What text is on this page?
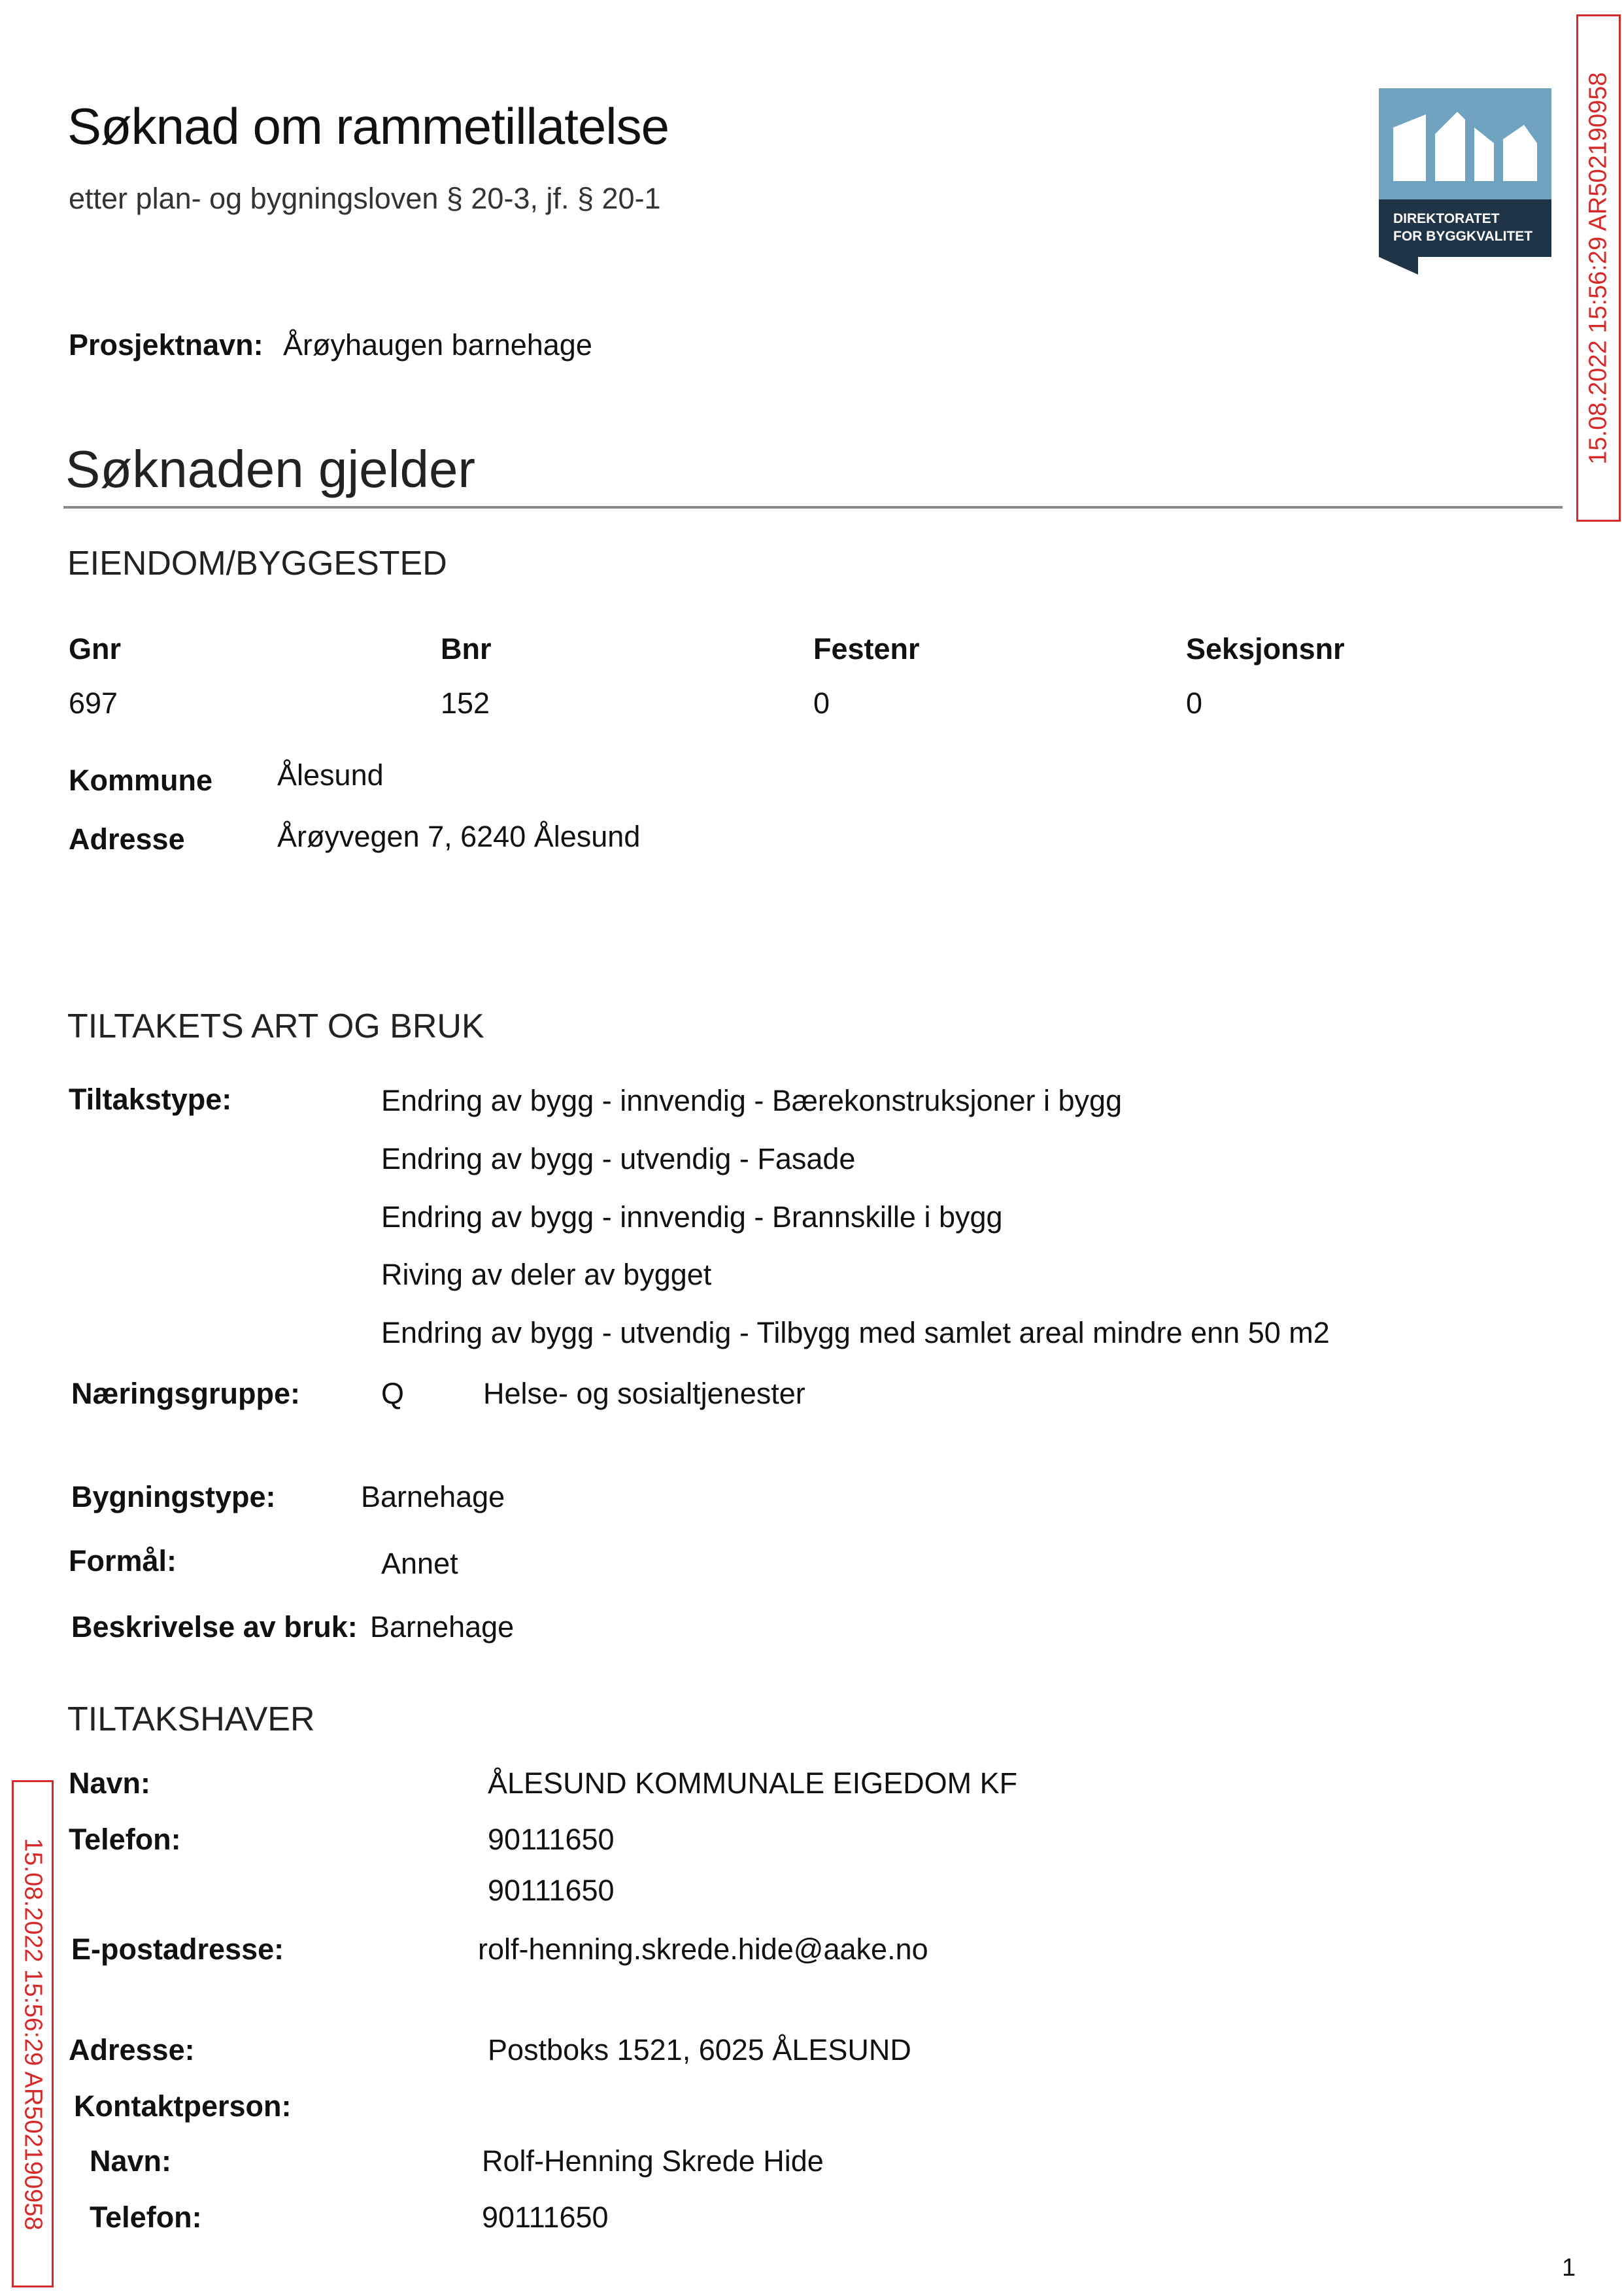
Søknad om rammetillatelse
etter plan- og bygningsloven § 20-3, jf. § 20-1
DIREKTORATET
FOR BYGGKVALITET 15.08.2022 15:56:29 AR502190958
15.08.2022 15:56:29 AR502190958
Prosjektnavn: Årøyhaugen barnehage
Søknaden gjelder
EIENDOM/BYGGESTED
Gnr	Bnr	Festenr	Seksjonsnr
697	152	0	0
Kommune Ålesund
Adresse	Årøyvegen 7, 6240 Ålesund
TILTAKETS ART OG BRUK
Tiltakstype:	Endring av bygg - innvendig - Bærekonstruksjoner i bygg
Endring av bygg - utvendig - Fasade
Endring av bygg - innvendig - Brannskille i bygg
Riving av deler av bygget
Endring av bygg - utvendig - Tilbygg med samlet areal mindre enn 50 m2
Næringsgruppe:	Q	Helse- og sosialtjenester
Bygningstype:	Barnehage
Formål:	Annet
Beskrivelse av bruk: Barnehage
TILTAKSHAVER
Navn:	ÅLESUND KOMMUNALE EIGEDOM KF
Telefon:	90111650
90111650
E-postadresse:	rolf-henning.skrede.hide@aake.no
Adresse:	Postboks 1521, 6025 ÅLESUND
Kontaktperson:
Navn:	Rolf-Henning Skrede Hide
Telefon:	90111650
1
